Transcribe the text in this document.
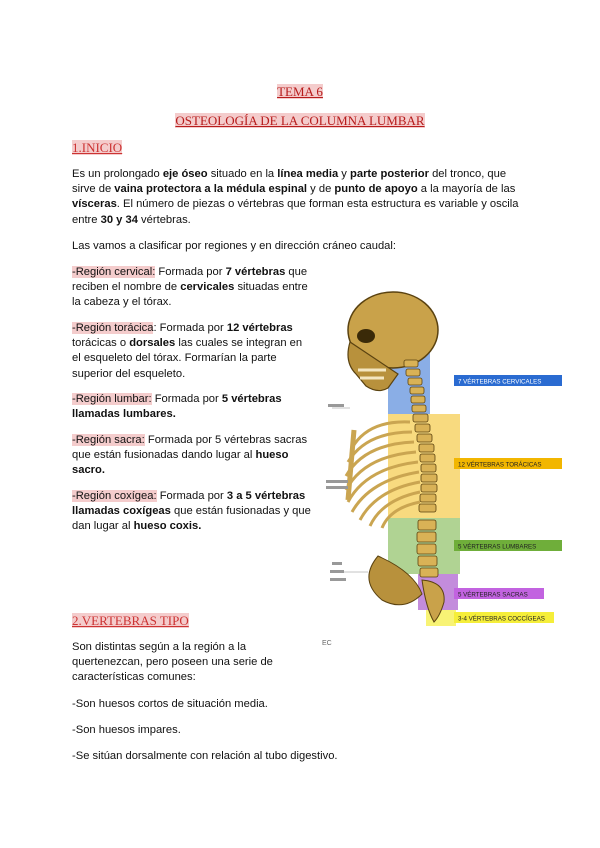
TEMA 6
OSTEOLOGÍA DE LA COLUMNA LUMBAR
1.INICIO
Es un prolongado eje óseo situado en la línea media y parte posterior del tronco, que sirve de vaina protectora a la médula espinal y de punto de apoyo a la mayoría de las vísceras. El número de piezas o vértebras que forman esta estructura es variable y oscila entre 30 y 34 vértebras.
Las vamos a clasificar por regiones y en dirección cráneo caudal:
-Región cervical: Formada por 7 vértebras que reciben el nombre de cervicales situadas entre la cabeza y el tórax.
-Región torácica: Formada por 12 vértebras torácicas o dorsales las cuales se integran en el esqueleto del tórax. Formarían la parte superior del esqueleto.
-Región lumbar: Formada por 5 vértebras llamadas lumbares.
-Región sacra: Formada por 5 vértebras sacras que están fusionadas dando lugar al hueso sacro.
-Región coxígea: Formada por 3 a 5 vértebras llamadas coxígeas que están fusionadas y que dan lugar al hueso coxis.
7 VÉRTEBRAS CERVICALES
12 VÉRTEBRAS TORÁCICAS
5 VÉRTEBRAS LUMBARES
5 VÉRTEBRAS SACRAS
3-4 VÉRTEBRAS COCCÍGEAS
EC
2.VERTEBRAS TIPO
Son distintas según a la región a la quertenezcan, pero poseen una serie de características comunes:
-Son huesos cortos de situación media.
-Son huesos impares.
-Se sitúan dorsalmente con relación al tubo digestivo.
